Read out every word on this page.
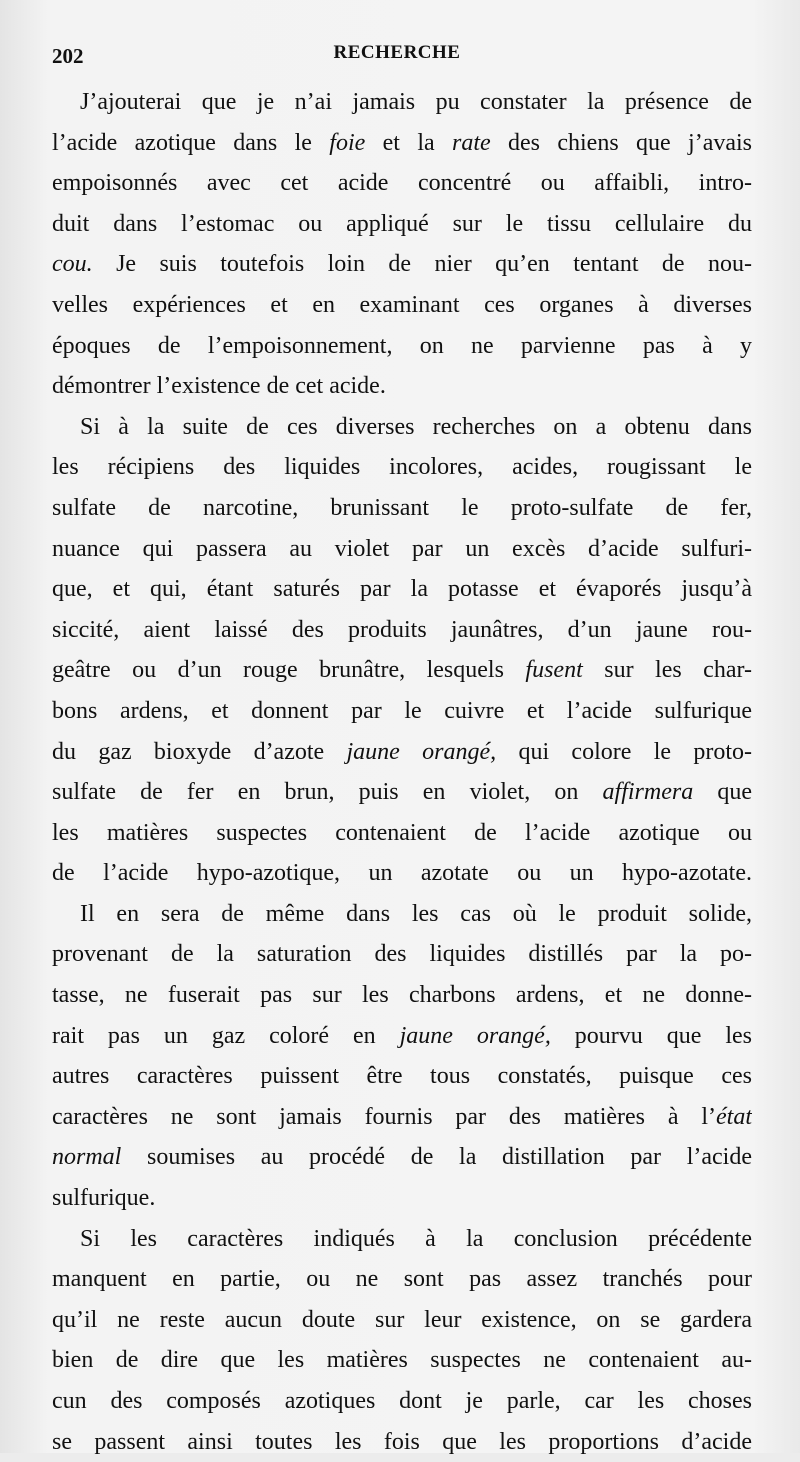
202	RECHERCHE
J’ajouterai que je n’ai jamais pu constater la présence de
l’acide azotique dans le foie et la rate des chiens que j’avais
empoisonnés avec cet acide concentré ou affaibli, intro-
duit dans l’estomac ou appliqué sur le tissu cellulaire du
cou. Je suis toutefois loin de nier qu’en tentant de nou-
velles expériences et en examinant ces organes à diverses
époques de l’empoisonnement, on ne parvienne pas à y
démontrer l’existence de cet acide.
Si à la suite de ces diverses recherches on a obtenu dans
les récipiens des liquides incolores, acides, rougissant le
sulfate de narcotine, brunissant le proto-sulfate de fer,
nuance qui passera au violet par un excès d’acide sulfuri-
que, et qui, étant saturés par la potasse et évaporés jusqu’à
siccité, aient laissé des produits jaunâtres, d’un jaune rou-
geâtre ou d’un rouge brunâtre, lesquels fusent sur les char-
bons ardens, et donnent par le cuivre et l’acide sulfurique
du gaz bioxyde d’azote jaune orangé, qui colore le proto-
sulfate de fer en brun, puis en violet, on affirmera que
les matières suspectes contenaient de l’acide azotique ou
de l’acide hypo-azotique, un azotate ou un hypo-azotate.
Il en sera de même dans les cas où le produit solide,
provenant de la saturation des liquides distillés par la po-
tasse, ne fuserait pas sur les charbons ardens, et ne donne-
rait pas un gaz coloré en jaune orangé, pourvu que les
autres caractères puissent être tous constatés, puisque ces
caractères ne sont jamais fournis par des matières à l’état
normal soumises au procédé de la distillation par l’acide
sulfurique.
Si les caractères indiqués à la conclusion précédente
manquent en partie, ou ne sont pas assez tranchés pour
qu’il ne reste aucun doute sur leur existence, on se gardera
bien de dire que les matières suspectes ne contenaient au-
cun des composés azotiques dont je parle, car les choses
se passent ainsi toutes les fois que les proportions d’acide
